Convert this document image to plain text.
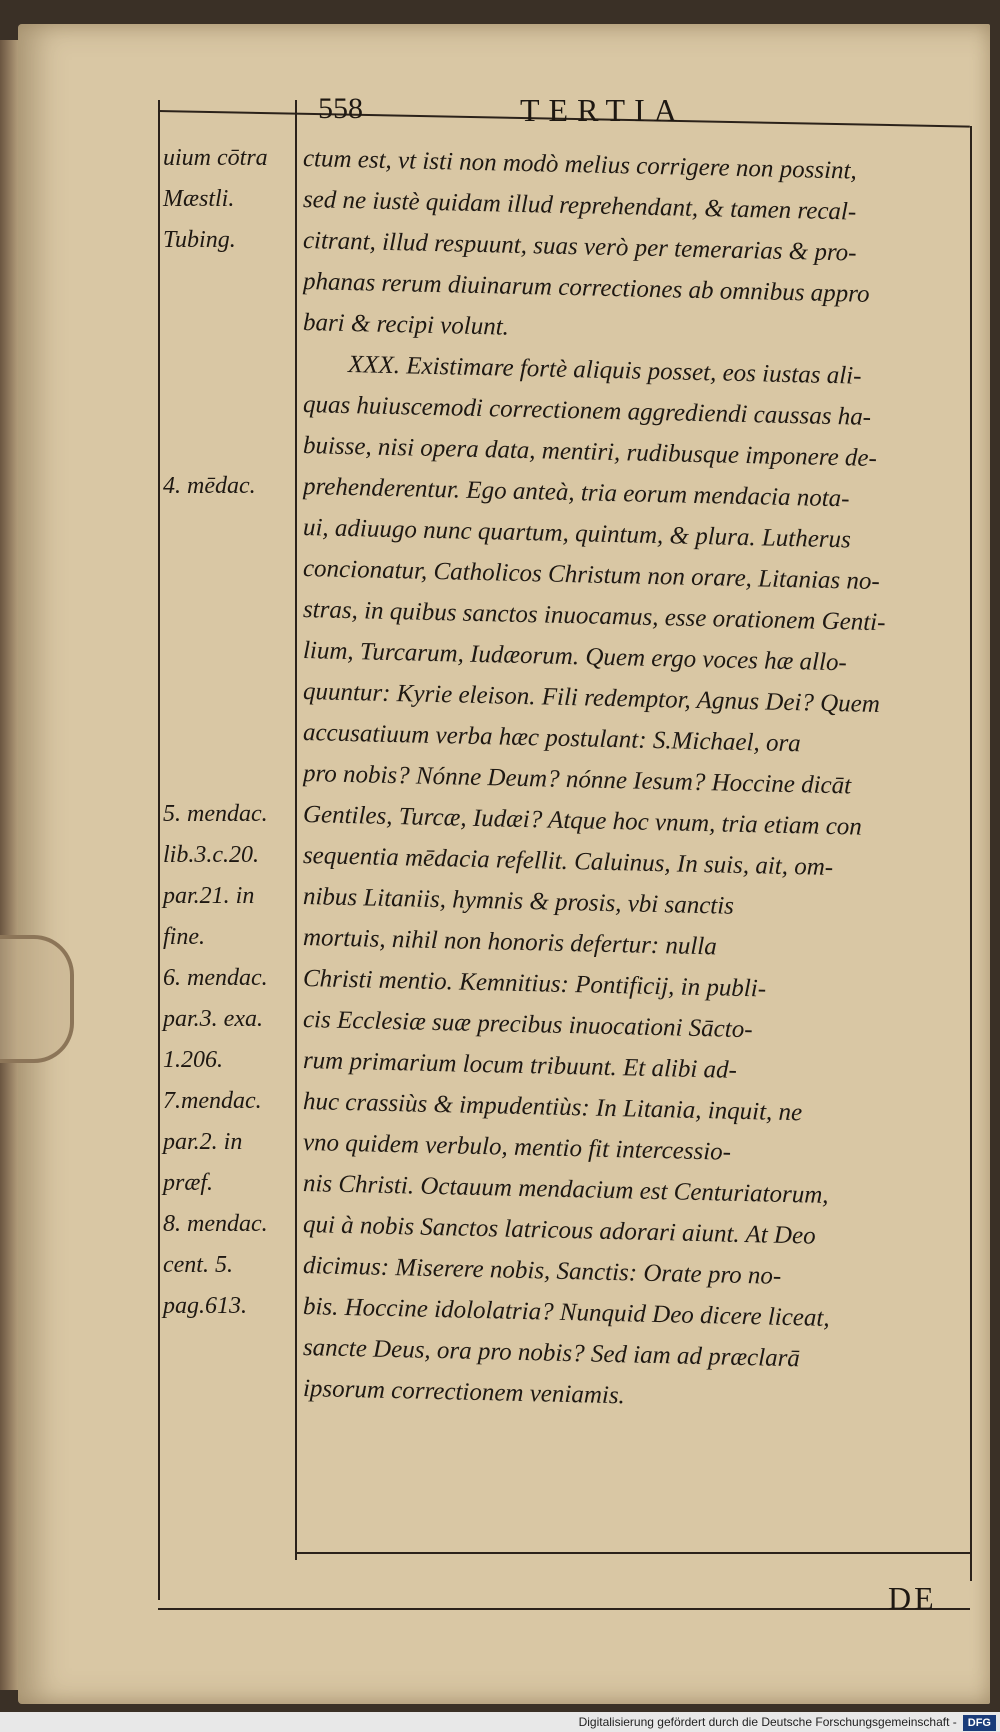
558	TERTIA
uium cōtra
Mæstli.
Tubing.
4. mēdac.
5. mendac.
lib.3.c.20.
par.21. in
fine.
6. mendac.
par.3. exa.
1.206.
7.mendac.
par.2. in
præf.
8. mendac.
cent. 5.
pag.613.
ctum est, vt isti non modò melius corrigere non possint,
sed ne iustè quidam illud reprehendant, & tamen recal-
citrant, illud respuunt, suas verò per temerarias & pro-
phanas rerum diuinarum correctiones ab omnibus appro
bari & recipi volunt.
XXX. Existimare fortè aliquis posset, eos iustas ali-
quas huiuscemodi correctionem aggrediendi caussas ha-
buisse, nisi opera data, mentiri, rudibusque imponere de-
prehenderentur. Ego anteà, tria eorum mendacia nota-
ui, adiuugo nunc quartum, quintum, & plura. Lutherus
concionatur, Catholicos Christum non orare, Litanias no-
stras, in quibus sanctos inuocamus, esse orationem Genti-
lium, Turcarum, Iudæorum. Quem ergo voces hæ allo-
quuntur: Kyrie eleison. Fili redemptor, Agnus Dei? Quem
accusatiuum verba hæc postulant: S.Michael, ora
pro nobis? Nónne Deum? nónne Iesum? Hoccine dicāt
Gentiles, Turcæ, Iudæi? Atque hoc vnum, tria etiam con
sequentia mēdacia refellit. Caluinus, In suis, ait, om-
nibus Litaniis, hymnis & prosis, vbi sanctis
mortuis, nihil non honoris defertur: nulla
Christi mentio. Kemnitius: Pontificij, in publi-
cis Ecclesiæ suæ precibus inuocationi Sācto-
rum primarium locum tribuunt. Et alibi ad-
huc crassiùs & impudentiùs: In Litania, inquit, ne
vno quidem verbulo, mentio fit intercessio-
nis Christi. Octauum mendacium est Centuriatorum,
qui à nobis Sanctos latricous adorari aiunt. At Deo
dicimus: Miserere nobis, Sanctis: Orate pro no-
bis. Hoccine idololatria? Nunquid Deo dicere liceat,
sancte Deus, ora pro nobis? Sed iam ad præclarā
ipsorum correctionem veniamis.
DE
Digitalisierung gefördert durch die Deutsche Forschungsgemeinschaft - DFG
